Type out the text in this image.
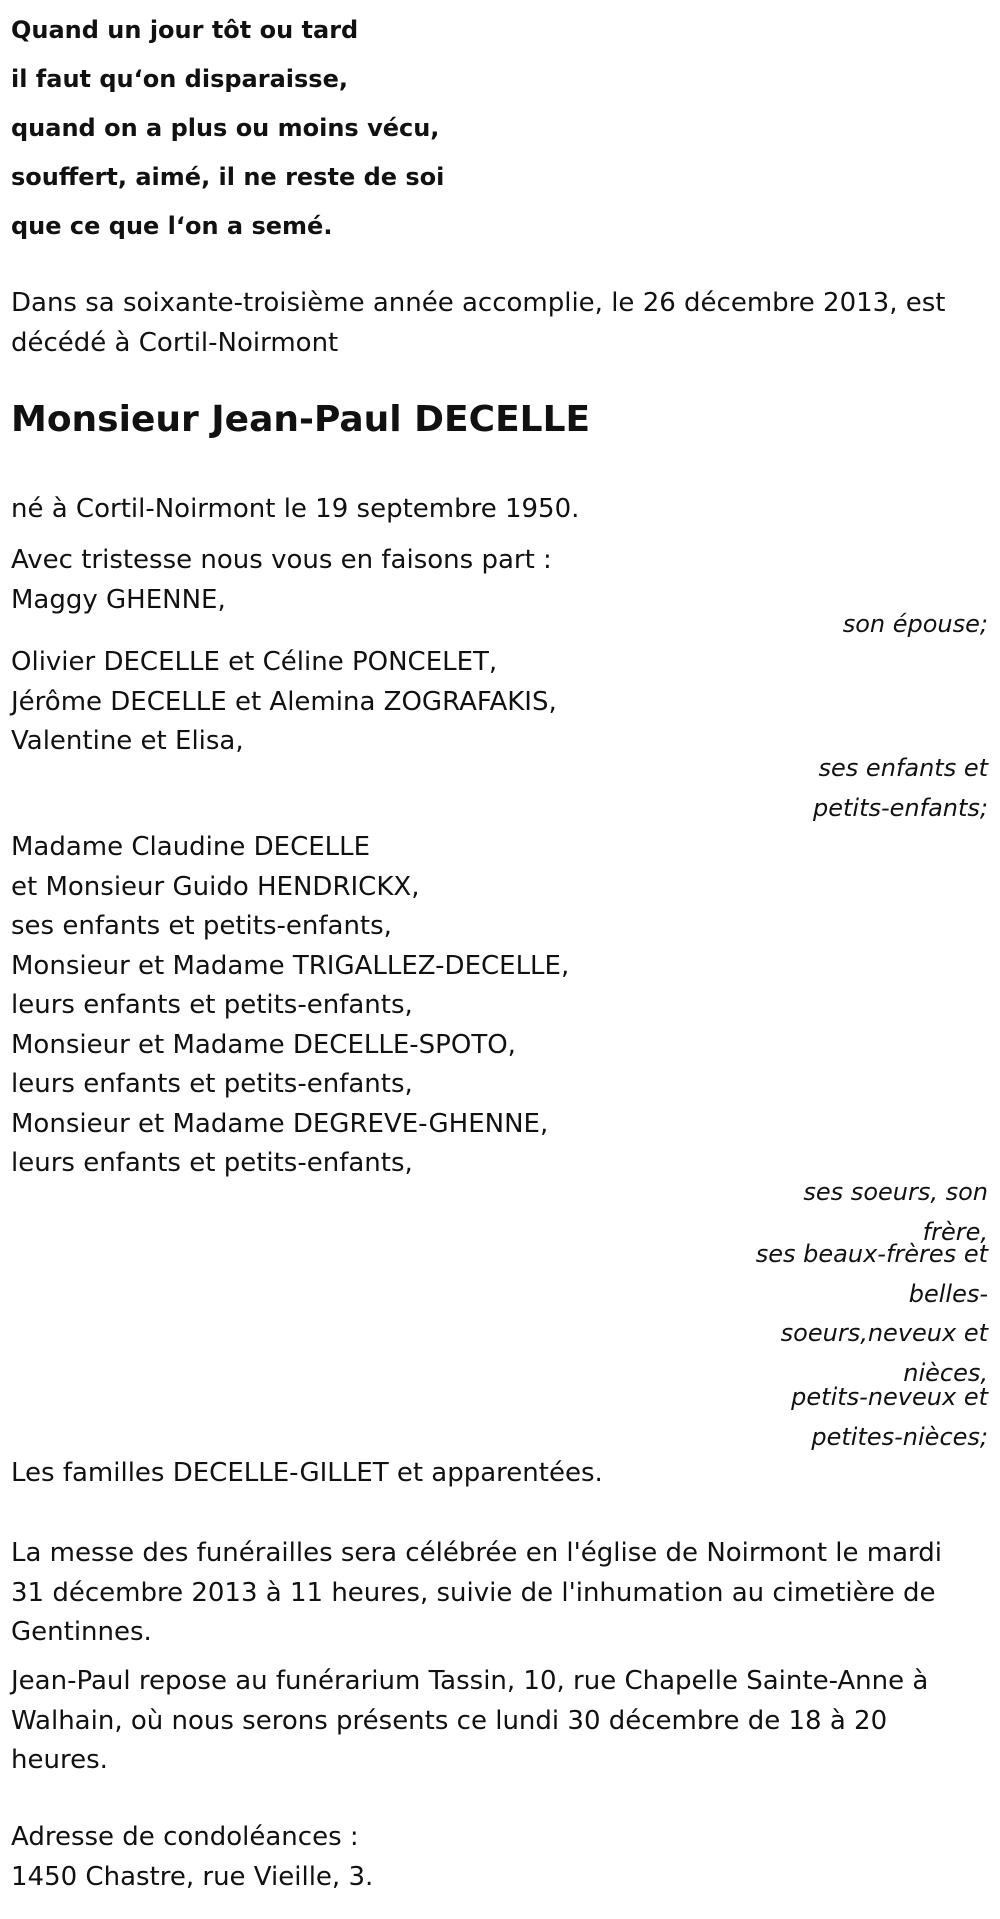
Quand un jour tôt ou tard
il faut qu‘on disparaisse,
quand on a plus ou moins vécu,
souffert, aimé, il ne reste de soi
que ce que l‘on a semé.
Dans sa soixante-troisième année accomplie, le 26 décembre 2013, est
décédé à Cortil-Noirmont
Monsieur Jean-Paul DECELLE
né à Cortil-Noirmont le 19 septembre 1950.
Avec tristesse nous vous en faisons part :
Maggy GHENNE,
son épouse;
Olivier DECELLE et Céline PONCELET,
Jérôme DECELLE et Alemina ZOGRAFAKIS,
Valentine et Elisa,
ses enfants et
petits-enfants;
Madame Claudine DECELLE
et Monsieur Guido HENDRICKX,
ses enfants et petits-enfants,
Monsieur et Madame TRIGALLEZ-DECELLE,
leurs enfants et petits-enfants,
Monsieur et Madame DECELLE-SPOTO,
leurs enfants et petits-enfants,
Monsieur et Madame DEGREVE-GHENNE,
leurs enfants et petits-enfants,
ses soeurs, son
frère,
ses beaux-frères et
belles-
soeurs,neveux et
nièces,
petits-neveux et
petites-nièces;
Les familles DECELLE-GILLET et apparentées.
La messe des funérailles sera célébrée en l'église de Noirmont le mardi
31 décembre 2013 à 11 heures, suivie de l'inhumation au cimetière de
Gentinnes.
Jean-Paul repose au funérarium Tassin, 10, rue Chapelle Sainte-Anne à
Walhain, où nous serons présents ce lundi 30 décembre de 18 à 20
heures.
Adresse de condoléances :
1450 Chastre, rue Vieille, 3.
